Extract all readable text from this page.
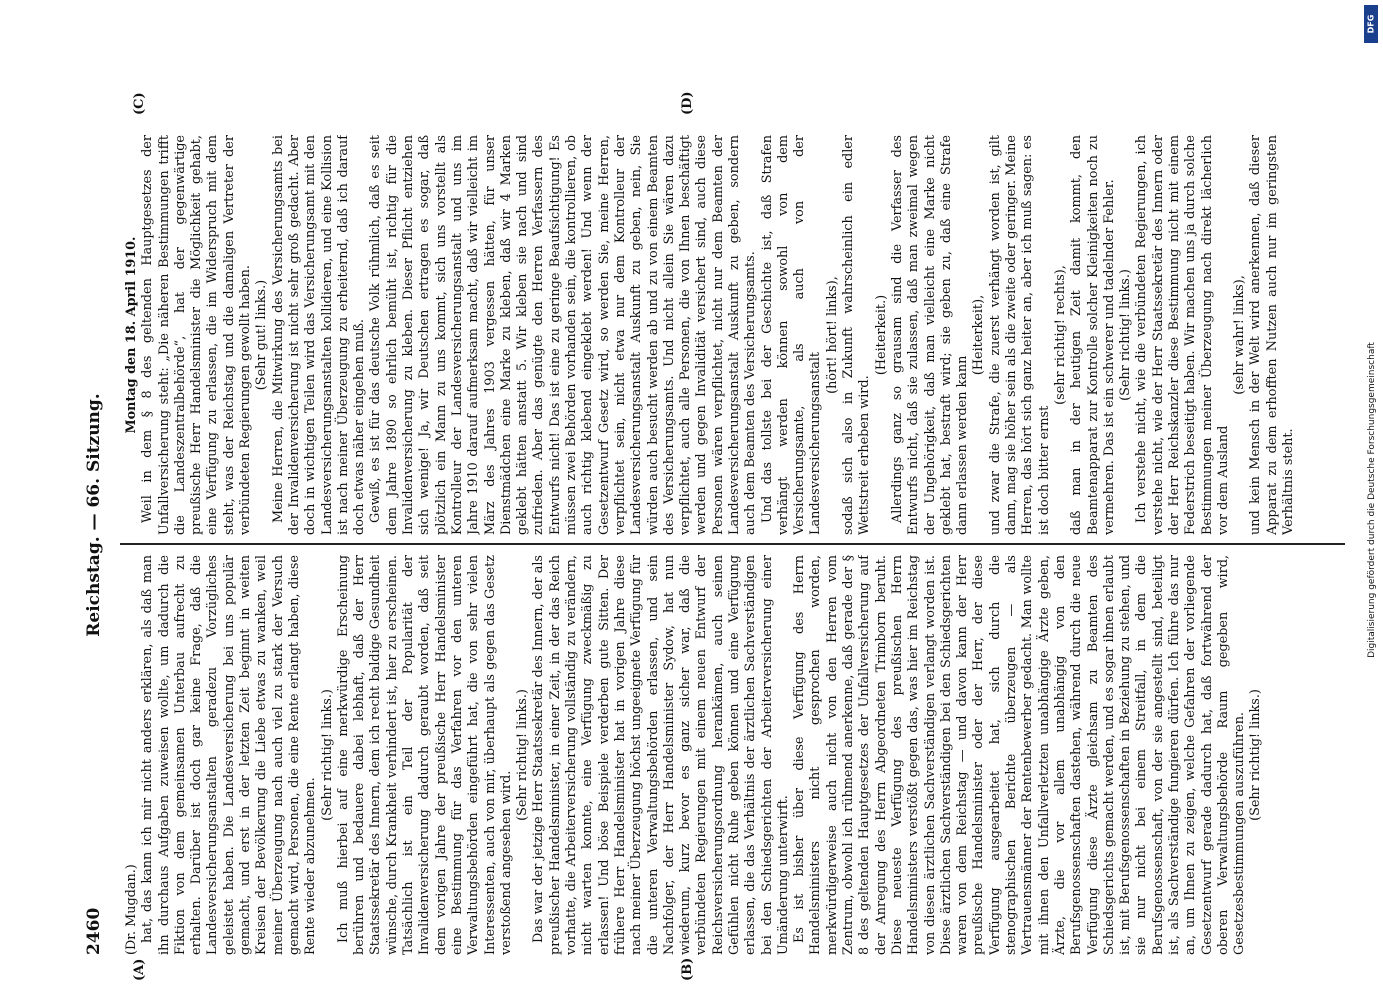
2460
Reichstag. — 66. Sitzung.
(A)	(B)
(C)	(D)

(Dr. Mugdan.) hat, das kann ich mir nicht anders erklären, als daß man ihn durchaus Aufgaben zuweisen wollte, um dadurch die Fiktion von dem gemeinsamen Unterbau aufrecht zu erhalten. Darüber ist doch gar keine Frage, daß die Landesversicherungsanstalten geradezu Vorzügliches geleistet haben. Die Landesversicherung bei uns populär gemacht, und erst in der letzten Zeit beginnt in weiten Kreisen der Bevölkerung die Liebe etwas zu wanken, weil meiner Überzeugung nach auch viel zu stark der Versuch gemacht wird, Personen, die eine Rente erlangt haben, diese Rente wieder abzunehmen.

(Sehr richtig! links.) Ich muß hierbei auf eine merkwürdige Erscheinung berühren und bedauere dabei lebhaft, daß der Herr Staatssekretär des Innern, dem ich recht baldige Gesundheit wünsche, durch Krankheit verhindert ist, hier zu erscheinen. Tatsächlich ist ein Teil der Popularität der Invalidenversicherung dadurch geraubt worden, daß seit dem vorigen Jahre der preußische Herr Handelsminister eine Bestimmung für das Verfahren vor den unteren Verwaltungsbehörden eingeführt hat, die von sehr vielen Interessenten, auch von mir, überhaupt als gegen das Gesetz verstoßend angesehen wird.

(Sehr richtig! links.) Das war der jetzige Herr Staatssekretär des Innern, der als preußischer Handelsminister, in einer Zeit, in der das Reich vorhatte, die Arbeiterversicherung vollständig zu verändern, nicht warten konnte, eine Verfügung zweckmäßig zu erlassen! Und böse Beispiele verderben gute Sitten. Der frühere Herr Handelsminister hat in vorigen Jahre diese nach meiner Überzeugung höchst ungeeignete Verfügung für die unteren Verwaltungsbehörden erlassen, und sein Nachfolger, der Herr Handelsminister Sydow, hat nun wiederum, kurz bevor es ganz sicher war, daß die verbündeten Regierungen mit einem neuen Entwurf der Reichsversicherungsordnung herankämen, auch seinen Gefühlen nicht Ruhe geben können und eine Verfügung erlassen, die das Verhältnis der ärztlichen Sachverständigen bei den Schiedsgerichten der Arbeiterversicherung einer Umänderung unterwirft. Es ist bisher über diese Verfügung des Herrn Handelsministers nicht gesprochen worden, merkwürdigerweise auch nicht von den Herren vom Zentrum, obwohl ich rühmend anerkenne, daß gerade der § 8 des geltenden Hauptgesetzes der Unfallversicherung auf der Anregung des Herrn Abgeordneten Trimborn beruht. Diese neueste Verfügung des preußischen Herrn Handelsministers verstößt gegen das, was hier im Reichstag von diesen ärztlichen Sachverständigen verlangt worden ist. Diese ärztlichen Sachverständigen bei den Schiedsgerichten waren von dem Reichstag — und davon kann der Herr preußische Handelsminister oder der Herr, der diese Verfügung ausgearbeitet hat, sich durch die stenographischen Berichte überzeugen — als Vertrauensmänner der Rentenbewerber gedacht. Man wollte mit ihnen den Unfallverletzten unabhängige Ärzte geben, Ärzte, die vor allem unabhängig von den Berufsgenossenschaften dastehen, während durch die neue Verfügung diese Ärzte gleichsam zu Beamten des Schiedsgerichts gemacht werden, und es sogar ihnen erlaubt ist, mit Berufsgenossenschaften in Beziehung zu stehen, und sie nur nicht bei einem Streitfall, in dem die Berufsgenossenschaft, von der sie angestellt sind, beteiligt ist, als Sachverständige fungieren dürfen. Ich führe das nur an, um Ihnen zu zeigen, welche Gefahren der vorliegende Gesetzentwurf gerade dadurch hat, daß fortwährend der oberen Verwaltungsbehörde Raum gegeben wird, Gesetzesbestimmungen auszuführen. (Sehr richtig! links.)

Montag den 18. April 1910. Weil in dem § 8 des geltenden Hauptgesetzes der Unfallversicherung steht: „Die näheren Bestimmungen trifft die Landeszentralbehörde“, hat der gegenwärtige preußische Herr Handelsminister die Möglichkeit gehabt, eine Verfügung zu erlassen, die im Widerspruch mit dem steht, was der Reichstag und die damaligen Vertreter der verbündeten Regierungen gewollt haben. (Sehr gut! links.) Meine Herren, die Mitwirkung des Versicherungsamts bei der Invalidenversicherung ist nicht sehr groß gedacht. Aber doch in wichtigen Teilen wird das Versicherungsamt mit den Landesversicherungsanstalten kollidieren, und eine Kollision ist nach meiner Überzeugung zu erheiternd, daß ich darauf doch etwas näher eingehen muß. Gewiß, es ist für das deutsche Volk rühmlich, daß es seit dem Jahre 1890 so ehrlich bemüht ist, richtig für die Invalidenversicherung zu kleben. Dieser Pflicht entziehen sich wenige! Ja, wir Deutschen ertragen es sogar, daß plötzlich ein Mann zu uns kommt, sich uns vorstellt als Kontrolleur der Landesversicherungsanstalt und uns im Jahre 1910 darauf aufmerksam macht, daß wir vielleicht im März des Jahres 1903 vergessen hätten, für unser Dienstmädchen eine Marke zu kleben, daß wir 4 Marken geklebt hätten anstatt 5. Wir kleben sie nach und sind zufrieden. Aber das genügte den Herren Verfassern des Entwurfs nicht! Das ist eine zu geringe Beaufsichtigung! Es müssen zwei Behörden vorhanden sein, die kontrollieren, ob auch richtig klebend eingeklebt werden! Und wenn der Gesetzentwurf Gesetz wird, so werden Sie, meine Herren, verpflichtet sein, nicht etwa nur dem Kontrolleur der Landesversicherungsanstalt Auskunft zu geben, nein, Sie würden auch besucht werden ab und zu von einem Beamten des Versicherungsamts. Und nicht allein Sie wären dazu verpflichtet, auch alle Personen, die von Ihnen beschäftigt werden und gegen Invalidität versichert sind, auch diese Personen wären verpflichtet, nicht nur dem Beamten der Landesversicherungsanstalt Auskunft zu geben, sondern auch dem Beamten des Versicherungsamts. Und das tollste bei der Geschichte ist, daß Strafen verhängt werden können sowohl von dem Versicherungsamte, als auch von der Landesversicherungsanstalt

(hört! hört! links), sodaß sich also in Zukunft wahrscheinlich ein edler Wettstreit erheben wird.

(Heiterkeit.) Allerdings ganz so grausam sind die Verfasser des Entwurfs nicht, daß sie zulassen, daß man zweimal wegen der Ungehörigkeit, daß man vielleicht eine Marke nicht geklebt hat, bestraft wird; sie geben zu, daß eine Strafe dann erlassen werden kann

(Heiterkeit), und zwar die Strafe, die zuerst verhängt worden ist, gilt dann, mag sie höher sein als die zweite oder geringer. Meine Herren, das hört sich ganz heiter an, aber ich muß sagen: es ist doch bitter ernst

(sehr richtig! rechts), daß man in der heutigen Zeit damit kommt, den Beamtenapparat zur Kontrolle solcher Kleinigkeiten noch zu vermehren. Das ist ein schwerer und tadelnder Fehler. (Sehr richtig! links.) Ich verstehe nicht, wie die verbündeten Regierungen, ich verstehe nicht, wie der Herr Staatssekretär des Innern oder der Herr Reichskanzler diese Bestimmung nicht mit einem Federstrich beseitigt haben. Wir machen uns ja durch solche Bestimmungen meiner Überzeugung nach direkt lächerlich vor dem Ausland

(sehr wahr! links), und kein Mensch in der Welt wird anerkennen, daß dieser Apparat zu dem erhofften Nutzen auch nur im geringsten Verhältnis steht.

DFG
Digitalisierung gefördert durch die Deutsche Forschungsgemeinschaft
